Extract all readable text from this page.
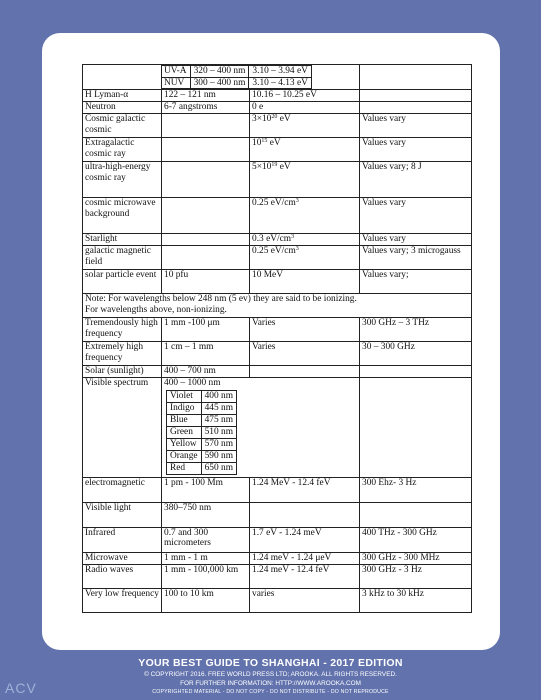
UV-A	320 – 400 nm	3.10 – 3.94 eV
NUV	300 – 400 nm	3.10 – 4.13 eV

H Lyman-α	122 – 121 nm	10.16 – 10.25 eV	
Neutron	6-7 angstroms	0 e	
Cosmic galactic cosmic		$3\times 10^{20}$ eV	Values vary
Extragalactic cosmic ray		$10^{15}$ eV	Values vary
ultra-high-energy cosmic ray		$5\times 10^{19}$ eV	Values vary; 8 J
cosmic microwave background		0.25 $eV/cm^3$	Values vary
Starlight		0.3 $eV/cm^3$	Values vary
galactic magnetic field		0.25 $eV/cm^3$	Values vary; 3 microgauss
solar particle event	10 pfu	10 MeV	Values vary;

Note: For wavelengths below 248 nm (5 ev) they are said to be ionizing.
For wavelengths above, non-ionizing.

Tremendously high frequency	1 mm -100 μm	Varies	300 GHz – 3 THz
Extremely high frequency	1 cm – 1 mm	Varies	30 – 300 GHz
Solar (sunlight)	400 – 700 nm		
Visible spectrum	400 – 1000 nm
Violet	400 nm
Indigo	445 nm
Blue	475 nm
Green	510 nm
Yellow	570 nm
Orange	590 nm
Red	650 nm

electromagnetic	1 pm - 100 Mm	1.24 MeV - 12.4 feV	300 Ehz- 3 Hz
Visible light	380–750 nm		
Infrared	0.7 and 300 micrometers	1.7 eV - 1.24 meV	400 THz - 300 GHz
Microwave	1 mm - 1 m	1.24 meV - 1.24 μeV	300 GHz - 300 MHz
Radio waves	1 mm - 100,000 km	1.24 meV - 12.4 feV	300 GHz - 3 Hz
Very low frequency	100 to 10 km	varies	3 kHz to 30 kHz
YOUR BEST GUIDE TO SHANGHAI - 2017 EDITION
© COPYRIGHT 2016. FREE WORLD PRESS LTD; AROOKA. ALL RIGHTS RESERVED.
FOR FURTHER INFORMATION: HTTP://WWW.AROOKA.COM
COPYRIGHTED MATERIAL - DO NOT COPY - DO NOT DISTRIBUTE - DO NOT REPRODUCE
ACV
